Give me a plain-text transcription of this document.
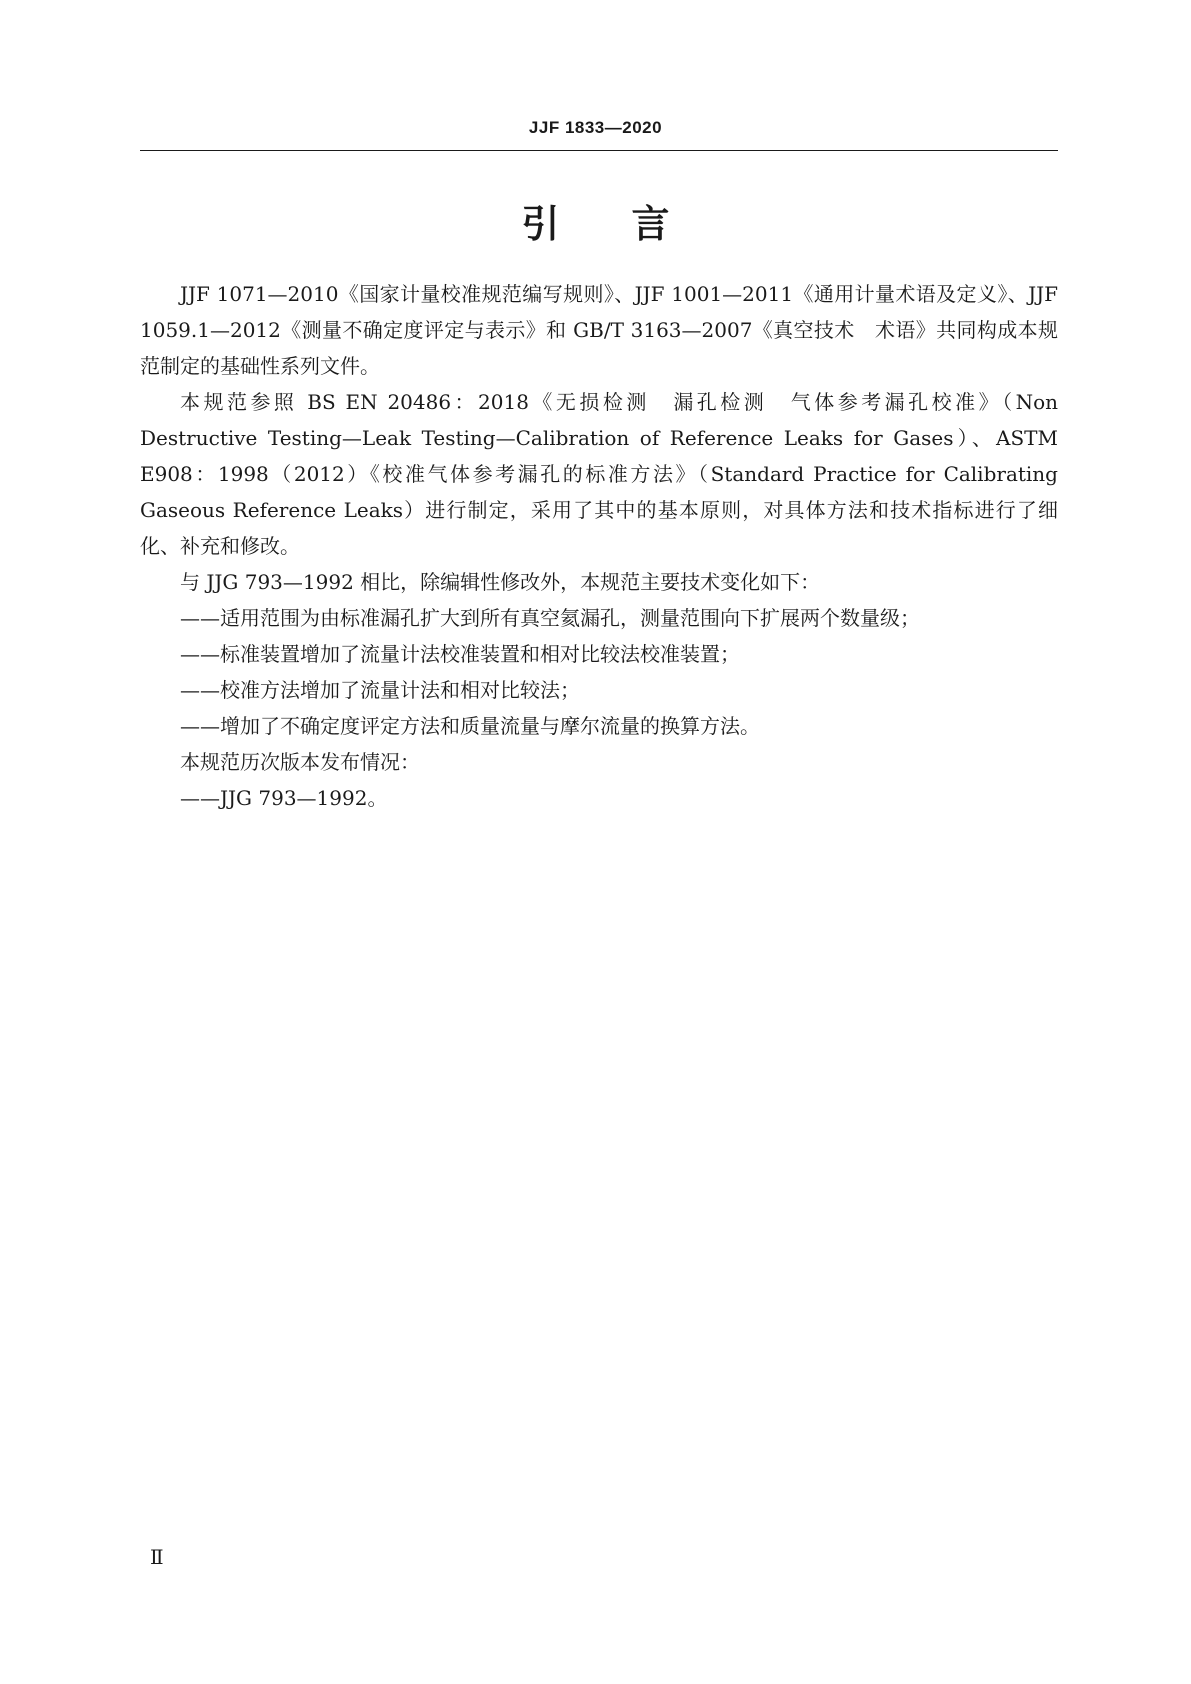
JJF 1833—2020
引言

JJF 1071—2010《国家计量校准规范编写规则》、JJF 1001—2011《通用计量术语及定义》、JJF 1059.1—2012《测量不确定度评定与表示》和 GB/T 3163—2007《真空技术　术语》共同构成本规范制定的基础性系列文件。

本规范参照 BS EN 20486：2018《无损检测　漏孔检测　气体参考漏孔校准》（Non Destructive Testing—Leak Testing—Calibration of Reference Leaks for Gases）、ASTM E908：1998（2012）《校准气体参考漏孔的标准方法》（Standard Practice for Calibrating Gaseous Reference Leaks）进行制定，采用了其中的基本原则，对具体方法和技术指标进行了细化、补充和修改。

与 JJG 793—1992 相比，除编辑性修改外，本规范主要技术变化如下：

——适用范围为由标准漏孔扩大到所有真空氦漏孔，测量范围向下扩展两个数量级；

——标准装置增加了流量计法校准装置和相对比较法校准装置；

——校准方法增加了流量计法和相对比较法；

——增加了不确定度评定方法和质量流量与摩尔流量的换算方法。

本规范历次版本发布情况：

——JJG 793—1992。

Ⅱ
